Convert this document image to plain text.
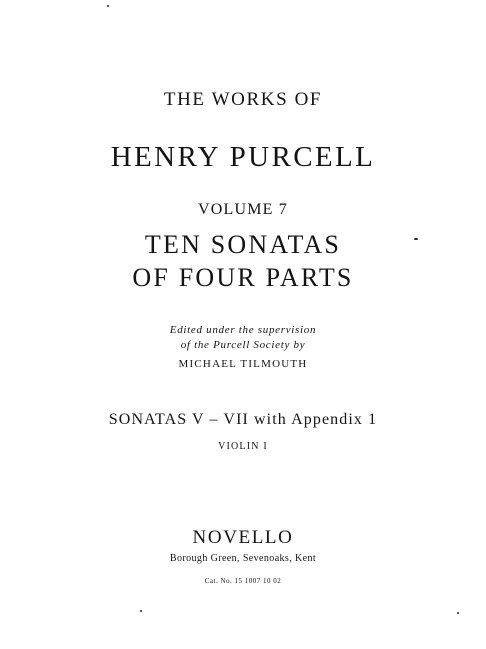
THE WORKS OF
HENRY PURCELL
VOLUME 7
TEN SONATAS
OF FOUR PARTS
Edited under the supervision
of the Purcell Society by
MICHAEL TILMOUTH
SONATAS V – VII with Appendix 1
VIOLIN I
NOVELLO
Borough Green, Sevenoaks, Kent
Cat. No. 15 1007 10 02
